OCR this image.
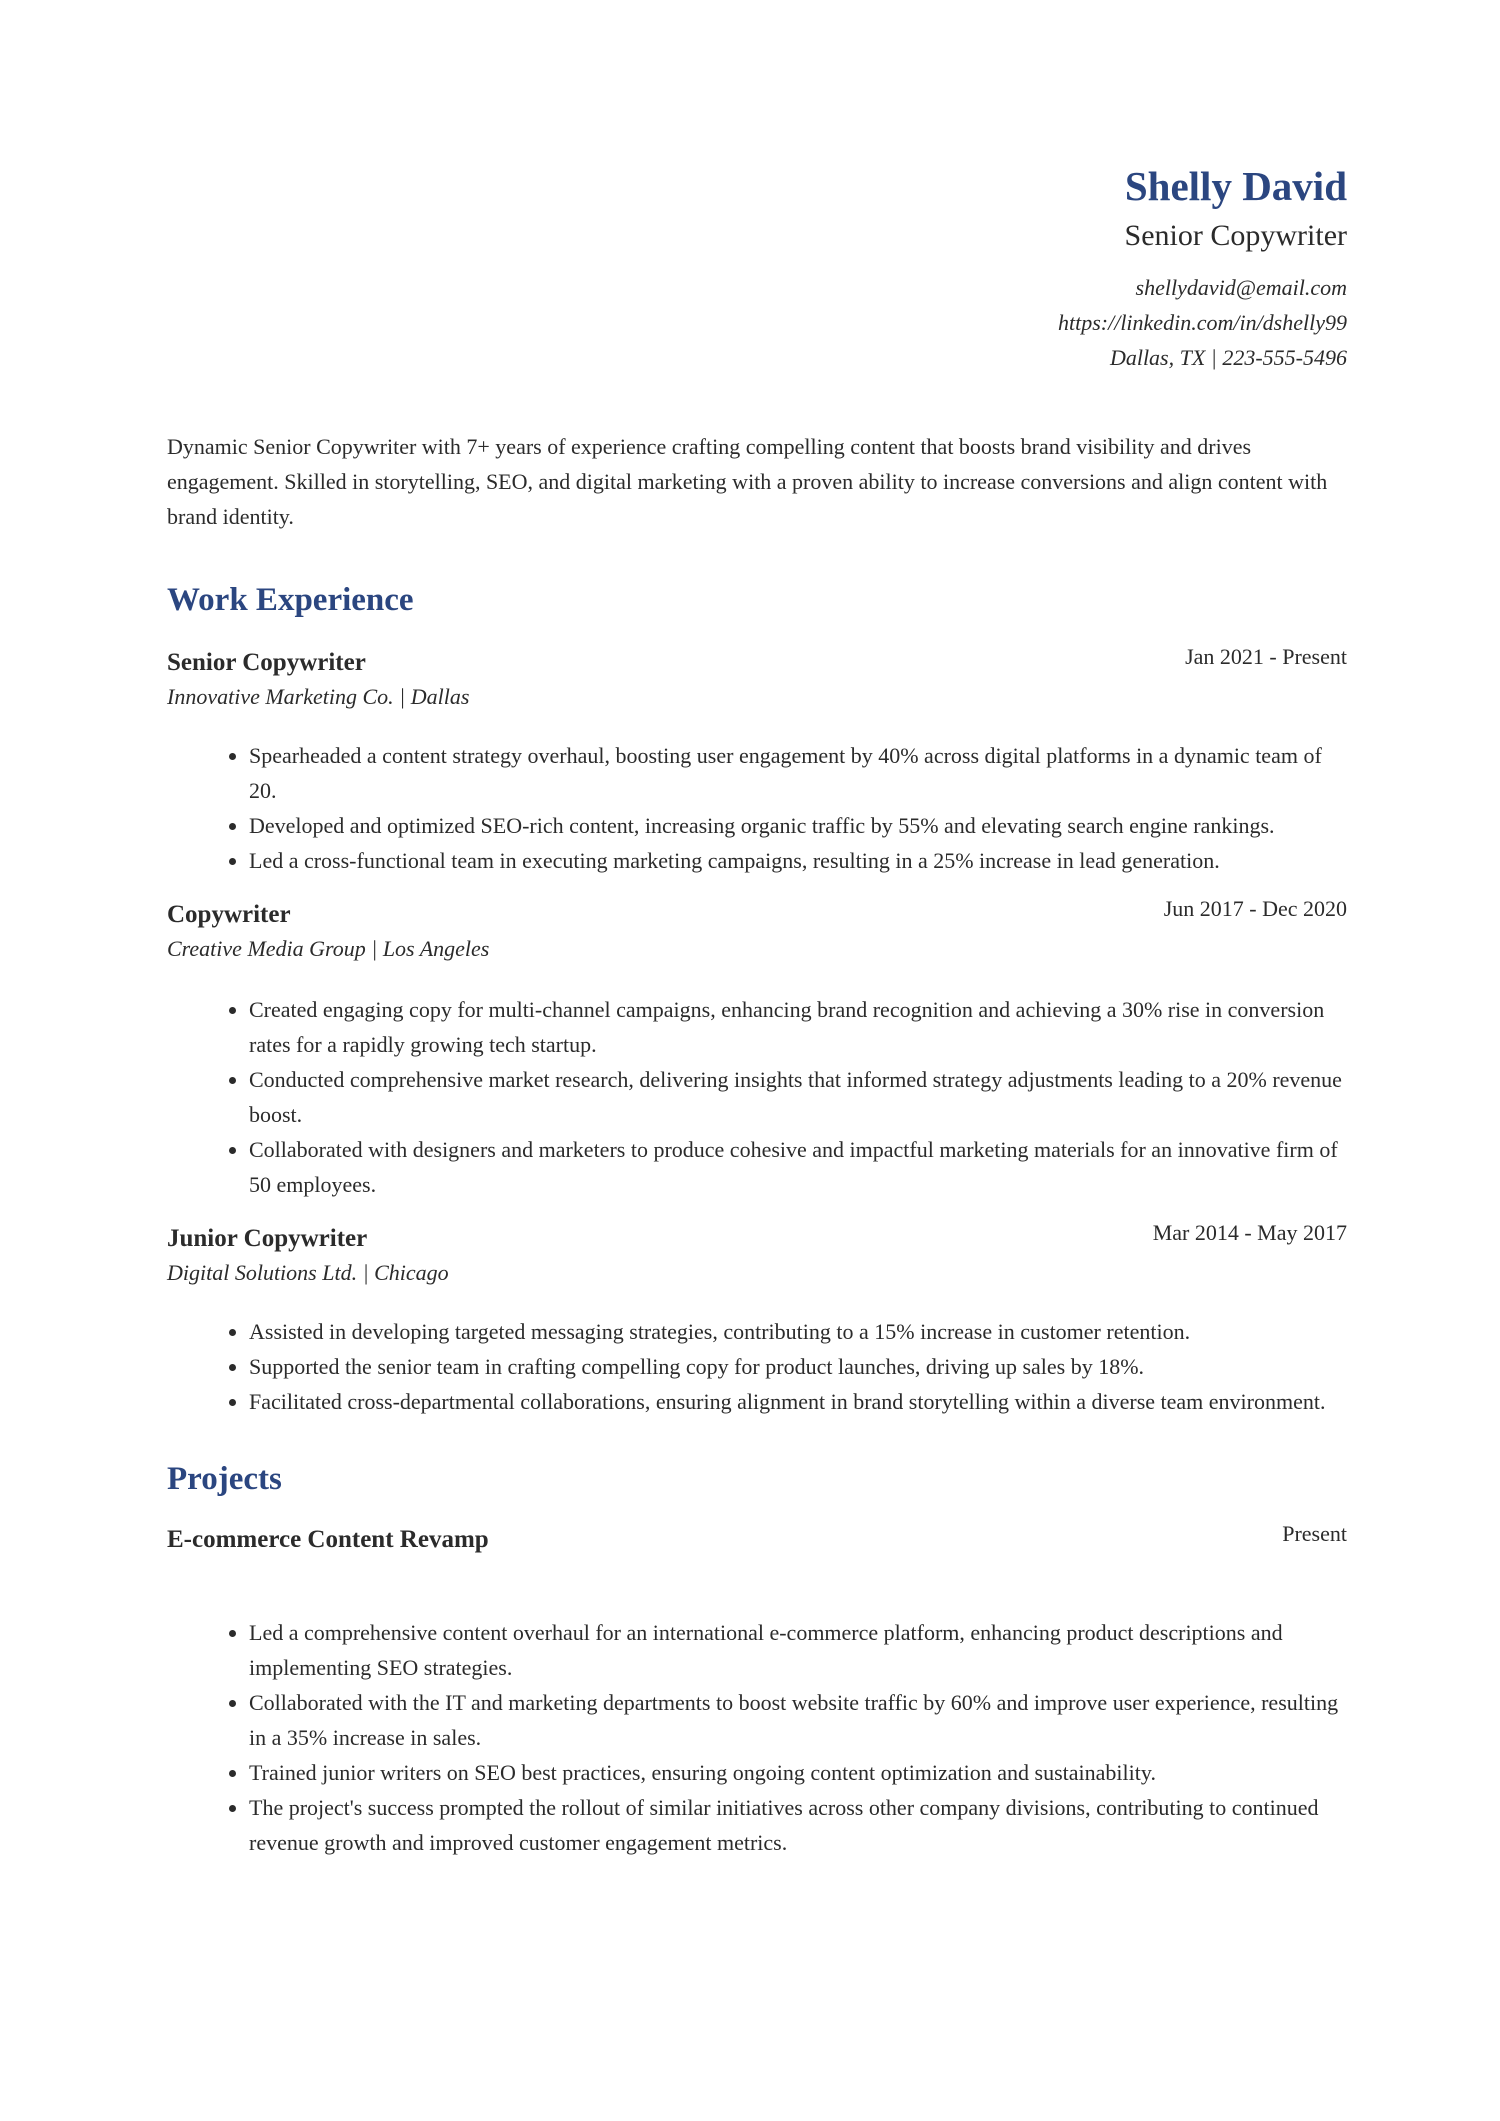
Shelly David
Senior Copywriter
shellydavid@email.com
https://linkedin.com/in/dshelly99
Dallas, TX | 223-555-5496
Dynamic Senior Copywriter with 7+ years of experience crafting compelling content that boosts brand visibility and drives engagement. Skilled in storytelling, SEO, and digital marketing with a proven ability to increase conversions and align content with brand identity.
Work Experience
Senior Copywriter	Jan 2021 - Present
Innovative Marketing Co. | Dallas
• Spearheaded a content strategy overhaul, boosting user engagement by 40% across digital platforms in a dynamic team of 20.
• Developed and optimized SEO-rich content, increasing organic traffic by 55% and elevating search engine rankings.
• Led a cross-functional team in executing marketing campaigns, resulting in a 25% increase in lead generation.
Copywriter	Jun 2017 - Dec 2020
Creative Media Group | Los Angeles
• Created engaging copy for multi-channel campaigns, enhancing brand recognition and achieving a 30% rise in conversion rates for a rapidly growing tech startup.
• Conducted comprehensive market research, delivering insights that informed strategy adjustments leading to a 20% revenue boost.
• Collaborated with designers and marketers to produce cohesive and impactful marketing materials for an innovative firm of 50 employees.
Junior Copywriter	Mar 2014 - May 2017
Digital Solutions Ltd. | Chicago
• Assisted in developing targeted messaging strategies, contributing to a 15% increase in customer retention.
• Supported the senior team in crafting compelling copy for product launches, driving up sales by 18%.
• Facilitated cross-departmental collaborations, ensuring alignment in brand storytelling within a diverse team environment.
Projects
E-commerce Content Revamp	Present
• Led a comprehensive content overhaul for an international e-commerce platform, enhancing product descriptions and implementing SEO strategies.
• Collaborated with the IT and marketing departments to boost website traffic by 60% and improve user experience, resulting in a 35% increase in sales.
• Trained junior writers on SEO best practices, ensuring ongoing content optimization and sustainability.
• The project's success prompted the rollout of similar initiatives across other company divisions, contributing to continued revenue growth and improved customer engagement metrics.
